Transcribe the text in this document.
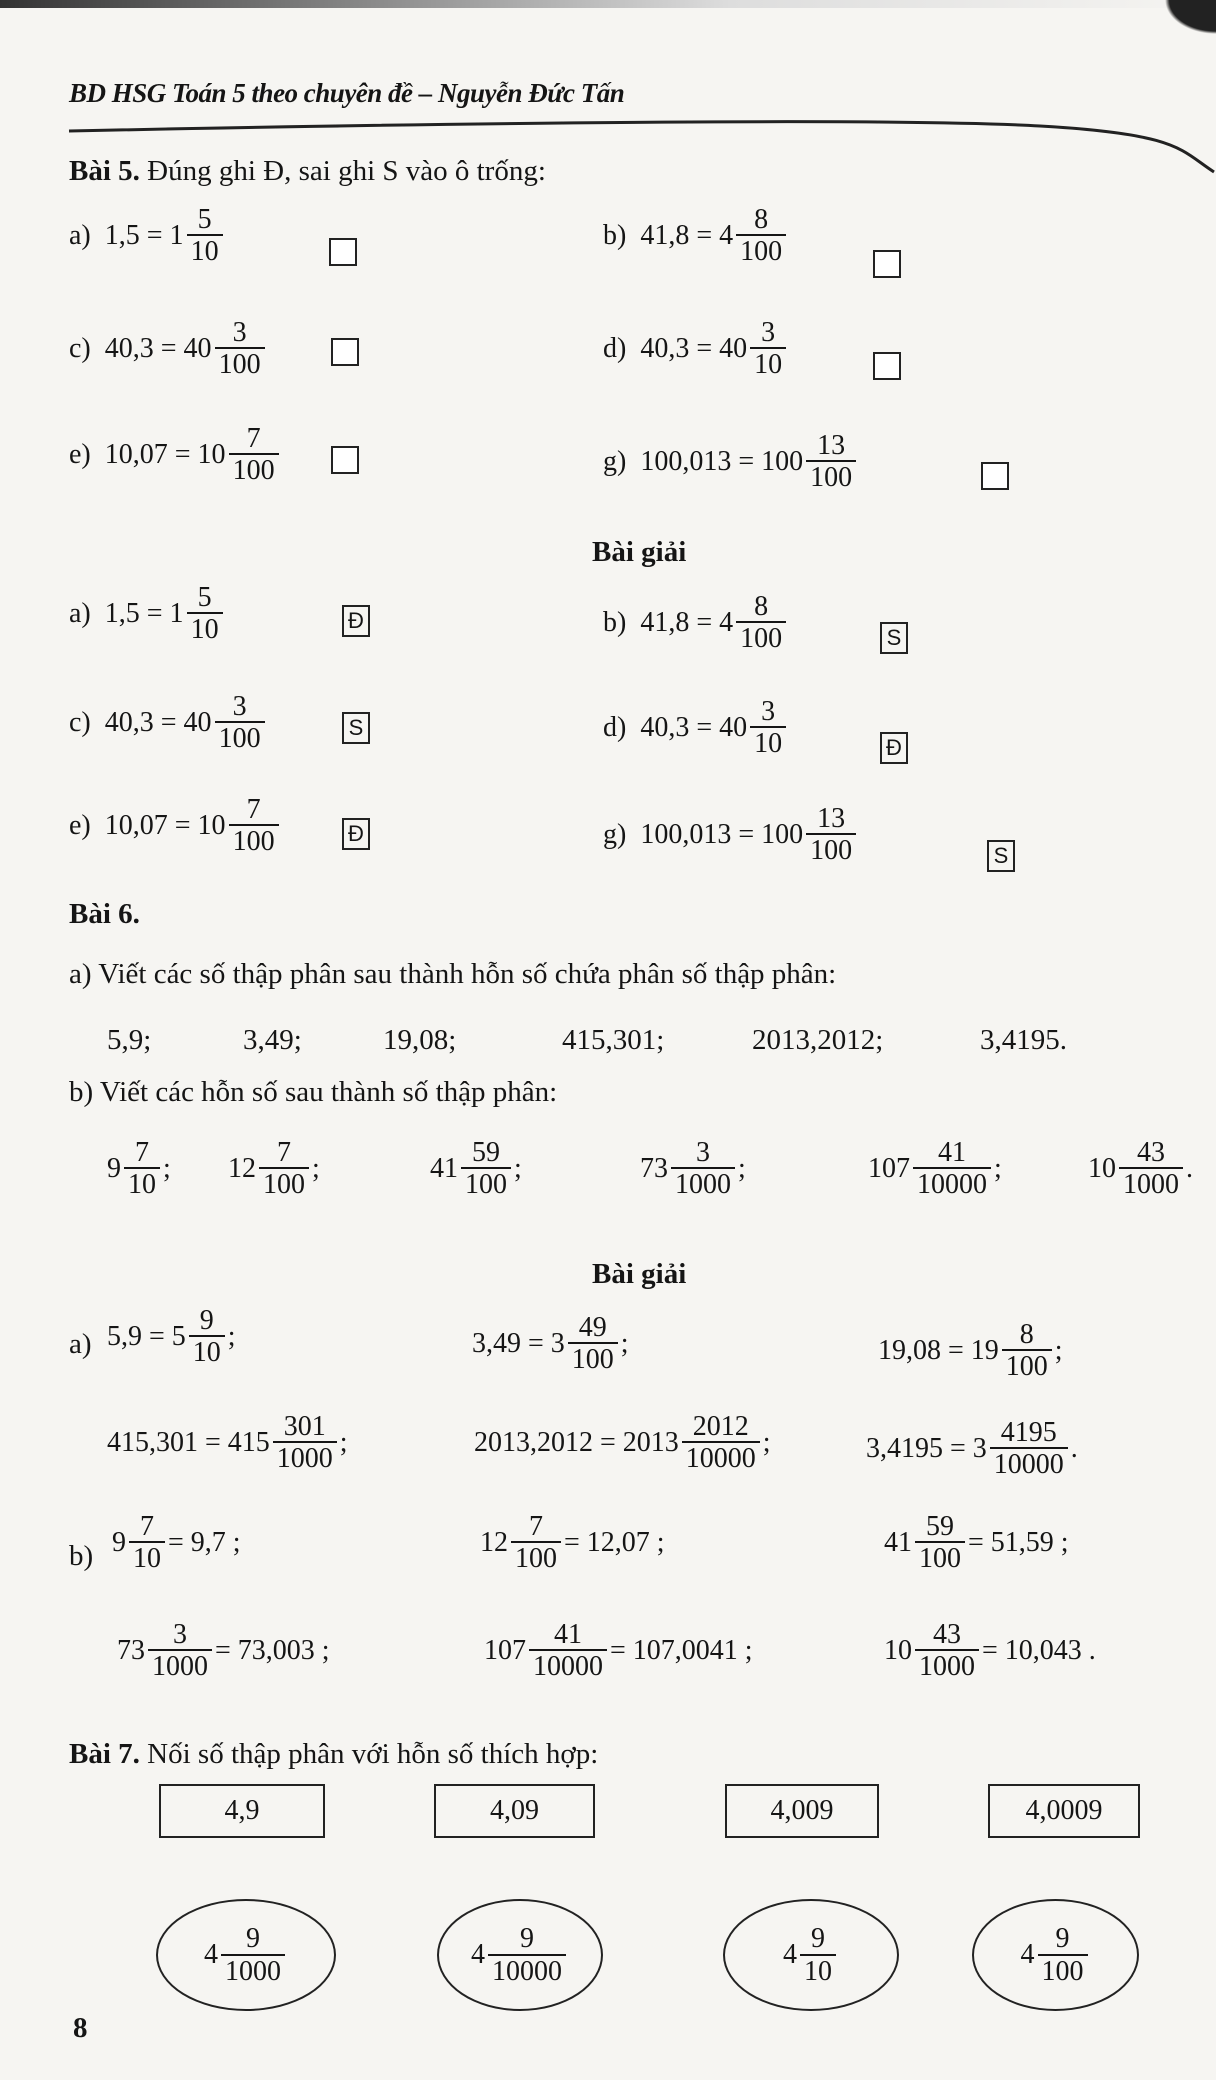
BD HSG Toán 5 theo chuyên đề – Nguyễn Đức Tấn
Bài 5. Đúng ghi Đ, sai ghi S vào ô trống:
Bài giải
Bài 6.
a) Viết các số thập phân sau thành hỗn số chứa phân số thập phân:
b) Viết các hỗn số sau thành số thập phân:
Bài giải
a)
b)
Bài 7. Nối số thập phân với hỗn số thích hợp:
8
a) $1,5 = 1 \frac{5}{10}$
a) $1,5 = 1 \frac{5}{10}$	Đ
b) $41,8 = 4 \frac{8}{100}$
b) $41,8 = 4 \frac{8}{100}$	S
c) $40,3 = 40 \frac{3}{100}$
c) $40,3 = 40 \frac{3}{100}$	S
d) $40,3 = 40 \frac{3}{10}$
d) $40,3 = 40 \frac{3}{10}$	Đ
e) $10,07 = 10 \frac{7}{100}$
e) $10,07 = 10 \frac{7}{100}$	Đ
g) $100,013 = 100 \frac{13}{100}$
g) $100,013 = 100 \frac{13}{100}$	S
5,9;	3,49;	19,08;	415,301;	2013,2012;	3,4195.
$9 \frac{7}{10}$ ; $12 \frac{7}{100}$ ;	$41 \frac{59}{100}$ ;	$73 \frac{3}{1000}$ ;	$107 \frac{41}{10000}$ ;	$10 \frac{43}{1000}$ .
$5,9 = 5 \frac{9}{10}$ ;	$3,49 = 3 \frac{49}{100}$ ;	$19,08 = 19 \frac{8}{100}$ ;
$415,301 = 415 \frac{301}{1000}$ ;	$2013,2012 = 2013 \frac{2012}{10000}$ ;	$3,4195 = 3 \frac{4195}{10000}$ .
$9 \frac{7}{10} = 9,7$ ;	$12 \frac{7}{100} = 12,07$ ;	$41 \frac{59}{100} = 51,59$ ;
$73 \frac{3}{1000} = 73,003$ ;	$107 \frac{41}{10000} = 107,0041$ ;	$10 \frac{43}{1000} = 10,043$ .
4,9	4,09	4,009	4,0009
$4 \frac{9}{1000}$	$4 \frac{9}{10000}$	$4 \frac{9}{10}$	$4 \frac{9}{100}$
